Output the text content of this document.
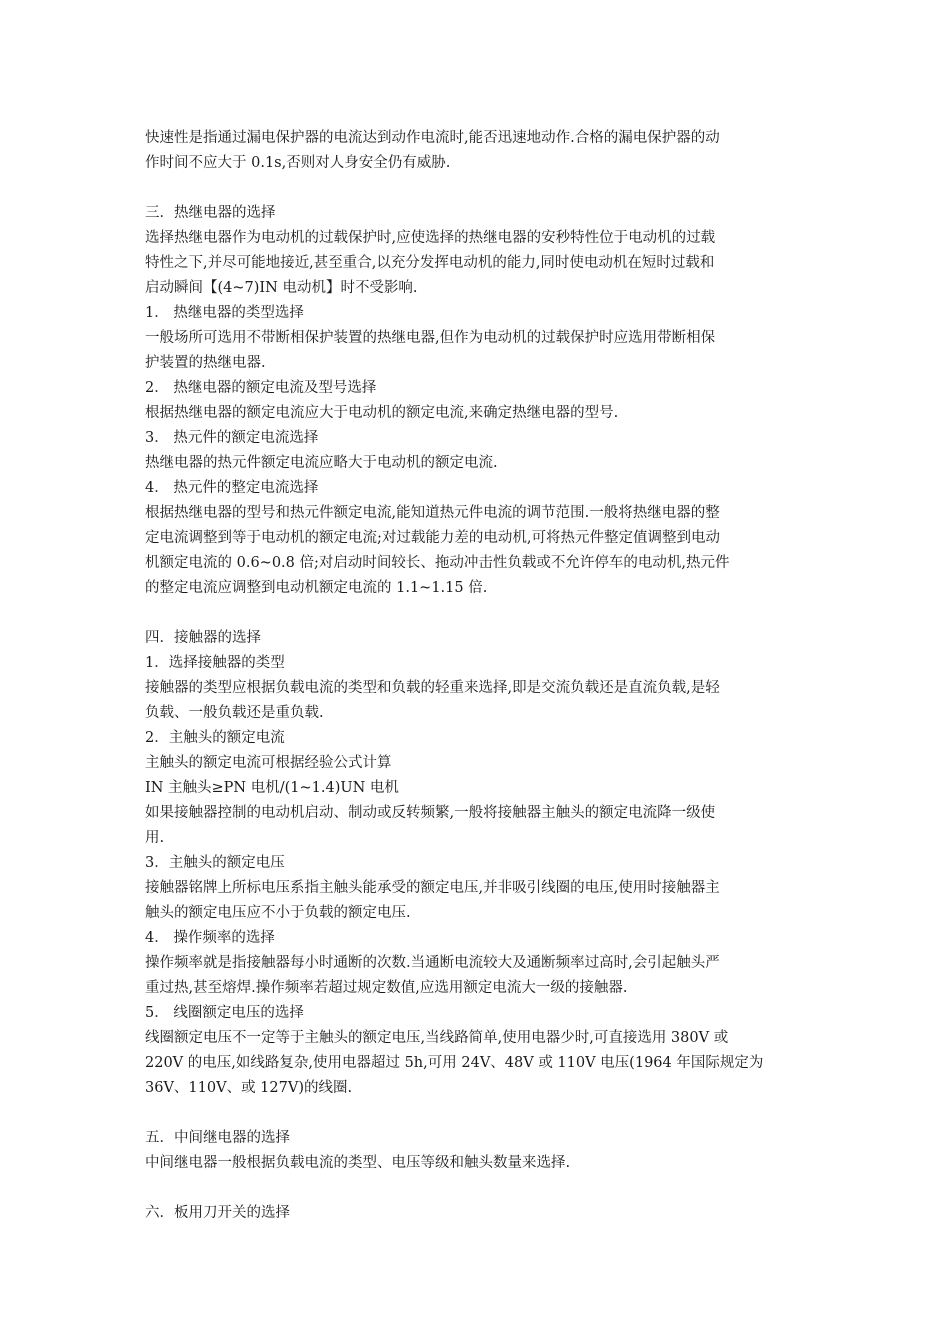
快速性是指通过漏电保护器的电流达到动作电流时,能否迅速地动作.合格的漏电保护器的动
作时间不应大于 0.1s,否则对人身安全仍有威胁.
三．热继电器的选择
选择热继电器作为电动机的过载保护时,应使选择的热继电器的安秒特性位于电动机的过载
特性之下,并尽可能地接近,甚至重合,以充分发挥电动机的能力,同时使电动机在短时过载和
启动瞬间【(4~7)IN 电动机】时不受影响.
1． 热继电器的类型选择
一般场所可选用不带断相保护装置的热继电器,但作为电动机的过载保护时应选用带断相保
护装置的热继电器.
2． 热继电器的额定电流及型号选择
根据热继电器的额定电流应大于电动机的额定电流,来确定热继电器的型号.
3． 热元件的额定电流选择
热继电器的热元件额定电流应略大于电动机的额定电流.
4． 热元件的整定电流选择
根据热继电器的型号和热元件额定电流,能知道热元件电流的调节范围.一般将热继电器的整
定电流调整到等于电动机的额定电流;对过载能力差的电动机,可将热元件整定值调整到电动
机额定电流的 0.6~0.8 倍;对启动时间较长、拖动冲击性负载或不允许停车的电动机,热元件
的整定电流应调整到电动机额定电流的 1.1~1.15 倍.
四．接触器的选择
1．选择接触器的类型
接触器的类型应根据负载电流的类型和负载的轻重来选择,即是交流负载还是直流负载,是轻
负载、一般负载还是重负载.
2．主触头的额定电流
主触头的额定电流可根据经验公式计算
IN 主触头≥PN 电机/(1~1.4)UN 电机
如果接触器控制的电动机启动、制动或反转频繁,一般将接触器主触头的额定电流降一级使
用.
3．主触头的额定电压
接触器铭牌上所标电压系指主触头能承受的额定电压,并非吸引线圈的电压,使用时接触器主
触头的额定电压应不小于负载的额定电压.
4． 操作频率的选择
操作频率就是指接触器每小时通断的次数.当通断电流较大及通断频率过高时,会引起触头严
重过热,甚至熔焊.操作频率若超过规定数值,应选用额定电流大一级的接触器.
5． 线圈额定电压的选择
线圈额定电压不一定等于主触头的额定电压,当线路简单,使用电器少时,可直接选用 380V 或
220V 的电压,如线路复杂,使用电器超过 5h,可用 24V、48V 或 110V 电压(1964 年国际规定为
36V、110V、或 127V)的线圈.
五．中间继电器的选择
中间继电器一般根据负载电流的类型、电压等级和触头数量来选择.
六．板用刀开关的选择
